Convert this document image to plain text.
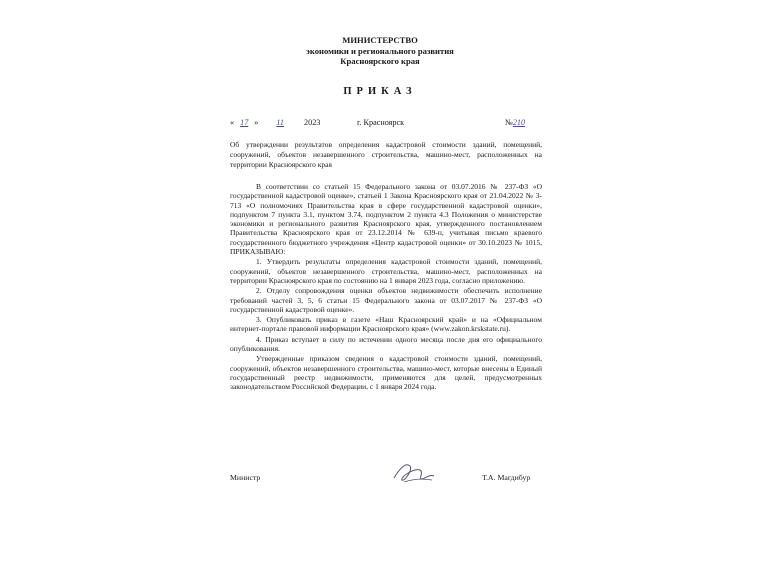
МИНИСТЕРСТВО
экономики и регионального развития
Красноярского края
ПРИКАЗ
« 17 » 11 2023	г. Красноярск	№210
Об утверждении результатов определения кадастровой стоимости зданий, помещений, сооружений, объектов незавершенного строительства, машино-мест, расположенных на территории Красноярского края

В соответствии со статьей 15 Федерального закона от 03.07.2016 № 237-ФЗ «О государственной кадастровой оценке», статьей 1 Закона Красноярского края от 21.04.2022 № 3-713 «О полномочиях Правительства края в сфере государственной кадастровой оценки», подпунктом 7 пункта 3.1, пунктом 3.74, подпунктом 2 пункта 4.3 Положения о министерстве экономики и регионального развития Красноярского края, утвержденного постановлением Правительства Красноярского края от 23.12.2014 № 639-п, учитывая письмо краевого государственного бюджетного учреждения «Центр кадастровой оценки» от 30.10.2023 № 1015, ПРИКАЗЫВАЮ:

1. Утвердить результаты определения кадастровой стоимости зданий, помещений, сооружений, объектов незавершенного строительства, машино-мест, расположенных на территории Красноярского края по состоянию на 1 января 2023 года, согласно приложению.

2. Отделу сопровождения оценки объектов недвижимости обеспечить исполнение требований частей 3, 5, 6 статьи 15 Федерального закона от 03.07.2017 № 237-ФЗ «О государственной кадастровой оценке».

3. Опубликовать приказ в газете «Наш Красноярский край» и на «Официальном интернет-портале правовой информации Красноярского края» (www.zakon.krskstate.ru).

4. Приказ вступает в силу по истечении одного месяца после дня его официального опубликования.

Утвержденные приказом сведения о кадастровой стоимости зданий, помещений, сооружений, объектов незавершенного строительства, машино-мест, которые внесены в Единый государственный реестр недвижимости, применяются для целей, предусмотренных законодательством Российской Федерации, с 1 января 2024 года.

Министр	Т.А. Магдибур
